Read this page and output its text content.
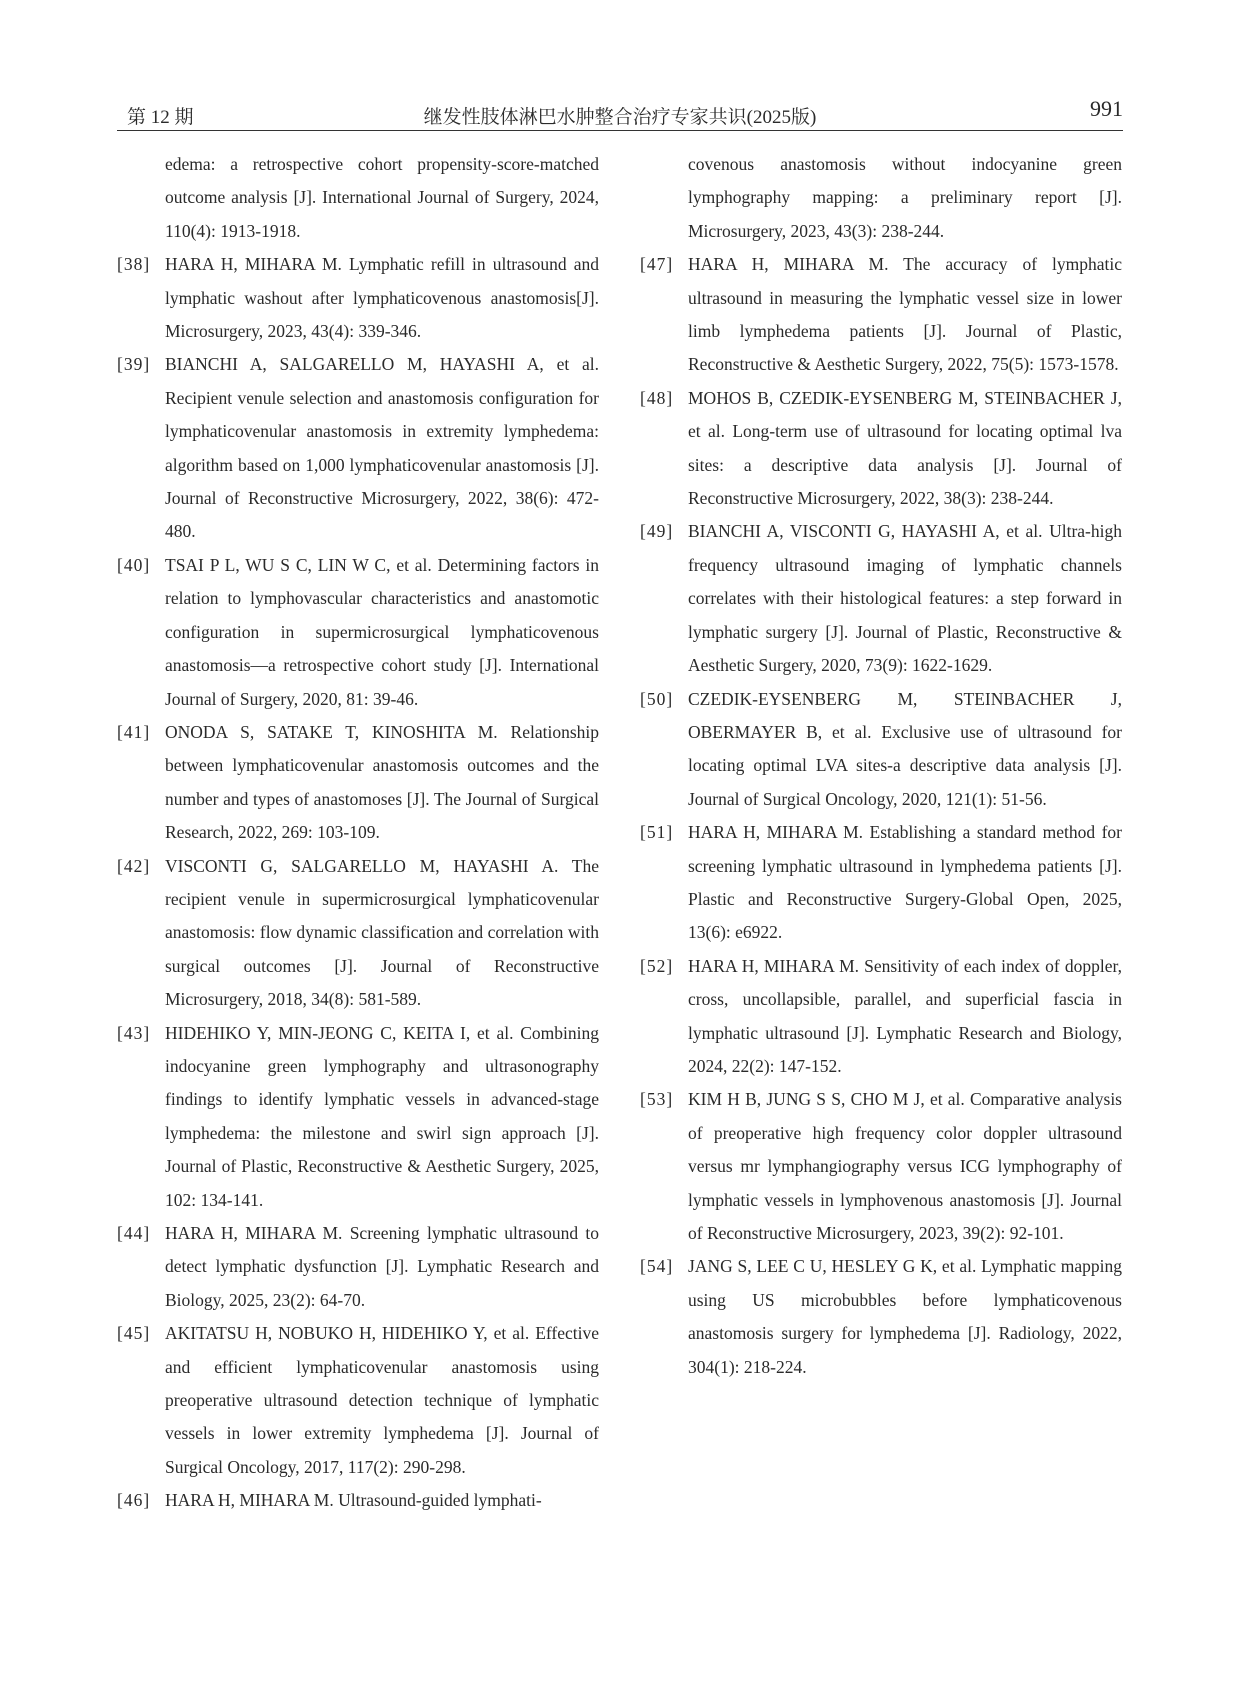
第 12 期	继发性肢体淋巴水肿整合治疗专家共识(2025版)	991
edema: a retrospective cohort propensity-score-matched outcome analysis [J]. International Journal of Surgery, 2024, 110(4): 1913-1918.
[38] HARA H, MIHARA M. Lymphatic refill in ultrasound and lymphatic washout after lymphaticovenous anastomosis[J]. Microsurgery, 2023, 43(4): 339-346.
[39] BIANCHI A, SALGARELLO M, HAYASHI A, et al. Recipient venule selection and anastomosis configuration for lymphaticovenular anastomosis in extremity lymphedema: algorithm based on 1,000 lymphaticovenular anastomosis [J]. Journal of Reconstructive Microsurgery, 2022, 38(6): 472-480.
[40] TSAI P L, WU S C, LIN W C, et al. Determining factors in relation to lymphovascular characteristics and anastomotic configuration in supermicrosurgical lymphaticovenous anastomosis—a retrospective cohort study [J]. International Journal of Surgery, 2020, 81: 39-46.
[41] ONODA S, SATAKE T, KINOSHITA M. Relationship between lymphaticovenular anastomosis outcomes and the number and types of anastomoses [J]. The Journal of Surgical Research, 2022, 269: 103-109.
[42] VISCONTI G, SALGARELLO M, HAYASHI A. The recipient venule in supermicrosurgical lymphaticovenular anastomosis: flow dynamic classification and correlation with surgical outcomes [J]. Journal of Reconstructive Microsurgery, 2018, 34(8): 581-589.
[43] HIDEHIKO Y, MIN-JEONG C, KEITA I, et al. Combining indocyanine green lymphography and ultrasonography findings to identify lymphatic vessels in advanced-stage lymphedema: the milestone and swirl sign approach [J]. Journal of Plastic, Reconstructive & Aesthetic Surgery, 2025, 102: 134-141.
[44] HARA H, MIHARA M. Screening lymphatic ultrasound to detect lymphatic dysfunction [J]. Lymphatic Research and Biology, 2025, 23(2): 64-70.
[45] AKITATSU H, NOBUKO H, HIDEHIKO Y, et al. Effective and efficient lymphaticovenular anastomosis using preoperative ultrasound detection technique of lymphatic vessels in lower extremity lymphedema [J]. Journal of Surgical Oncology, 2017, 117(2): 290-298.
[46] HARA H, MIHARA M. Ultrasound-guided lymphati-
covenous anastomosis without indocyanine green lymphography mapping: a preliminary report [J]. Microsurgery, 2023, 43(3): 238-244.
[47] HARA H, MIHARA M. The accuracy of lymphatic ultrasound in measuring the lymphatic vessel size in lower limb lymphedema patients [J]. Journal of Plastic, Reconstructive & Aesthetic Surgery, 2022, 75(5): 1573-1578.
[48] MOHOS B, CZEDIK-EYSENBERG M, STEINBACHER J, et al. Long-term use of ultrasound for locating optimal lva sites: a descriptive data analysis [J]. Journal of Reconstructive Microsurgery, 2022, 38(3): 238-244.
[49] BIANCHI A, VISCONTI G, HAYASHI A, et al. Ultra-high frequency ultrasound imaging of lymphatic channels correlates with their histological features: a step forward in lymphatic surgery [J]. Journal of Plastic, Reconstructive & Aesthetic Surgery, 2020, 73(9): 1622-1629.
[50] CZEDIK-EYSENBERG M, STEINBACHER J, OBERMAYER B, et al. Exclusive use of ultrasound for locating optimal LVA sites-a descriptive data analysis [J]. Journal of Surgical Oncology, 2020, 121(1): 51-56.
[51] HARA H, MIHARA M. Establishing a standard method for screening lymphatic ultrasound in lymphedema patients [J]. Plastic and Reconstructive Surgery-Global Open, 2025, 13(6): e6922.
[52] HARA H, MIHARA M. Sensitivity of each index of doppler, cross, uncollapsible, parallel, and superficial fascia in lymphatic ultrasound [J]. Lymphatic Research and Biology, 2024, 22(2): 147-152.
[53] KIM H B, JUNG S S, CHO M J, et al. Comparative analysis of preoperative high frequency color doppler ultrasound versus mr lymphangiography versus ICG lymphography of lymphatic vessels in lymphovenous anastomosis [J]. Journal of Reconstructive Microsurgery, 2023, 39(2): 92-101.
[54] JANG S, LEE C U, HESLEY G K, et al. Lymphatic mapping using US microbubbles before lymphaticovenous anastomosis surgery for lymphedema [J]. Radiology, 2022, 304(1): 218-224.
